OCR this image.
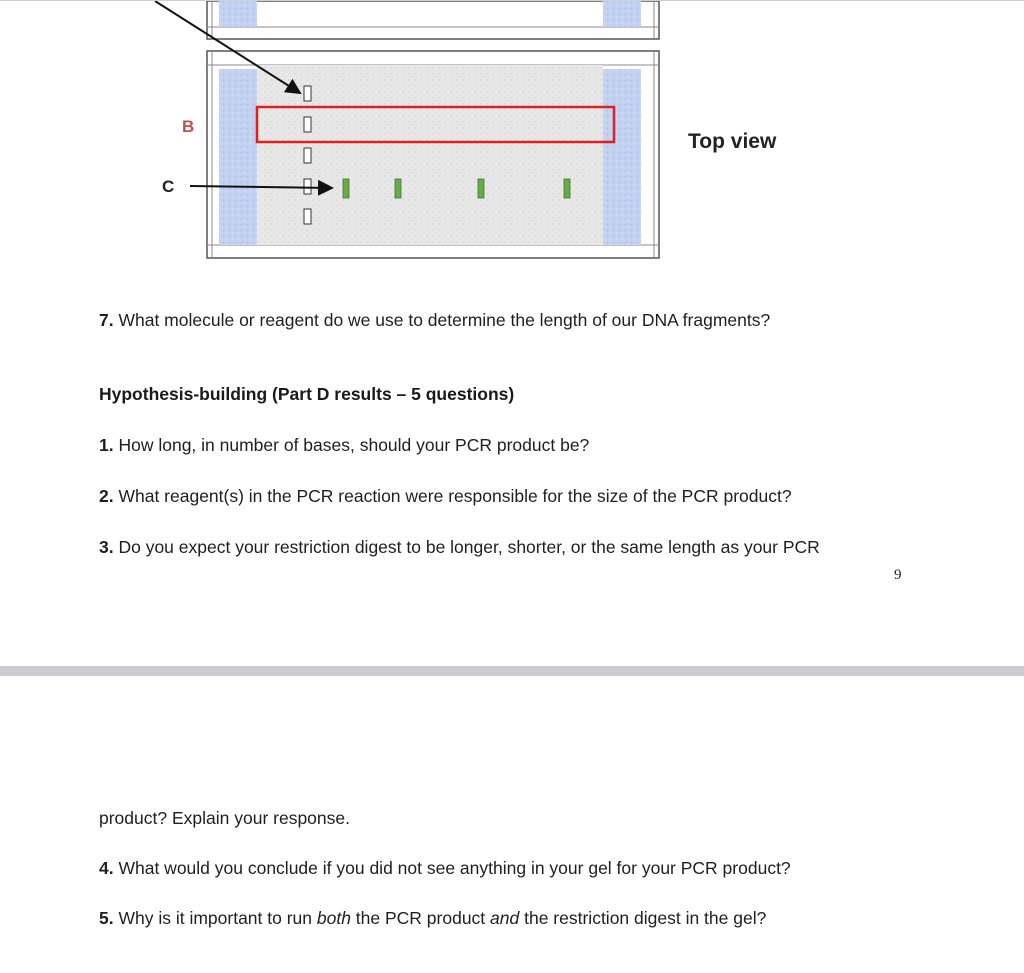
B
C
Top view
7. What molecule or reagent do we use to determine the length of our DNA fragments?
Hypothesis-building (Part D results – 5 questions)
1. How long, in number of bases, should your PCR product be?
2. What reagent(s) in the PCR reaction were responsible for the size of the PCR product?
3. Do you expect your restriction digest to be longer, shorter, or the same length as your PCR
9
product? Explain your response.
4. What would you conclude if you did not see anything in your gel for your PCR product?
5. Why is it important to run both the PCR product and the restriction digest in the gel?
